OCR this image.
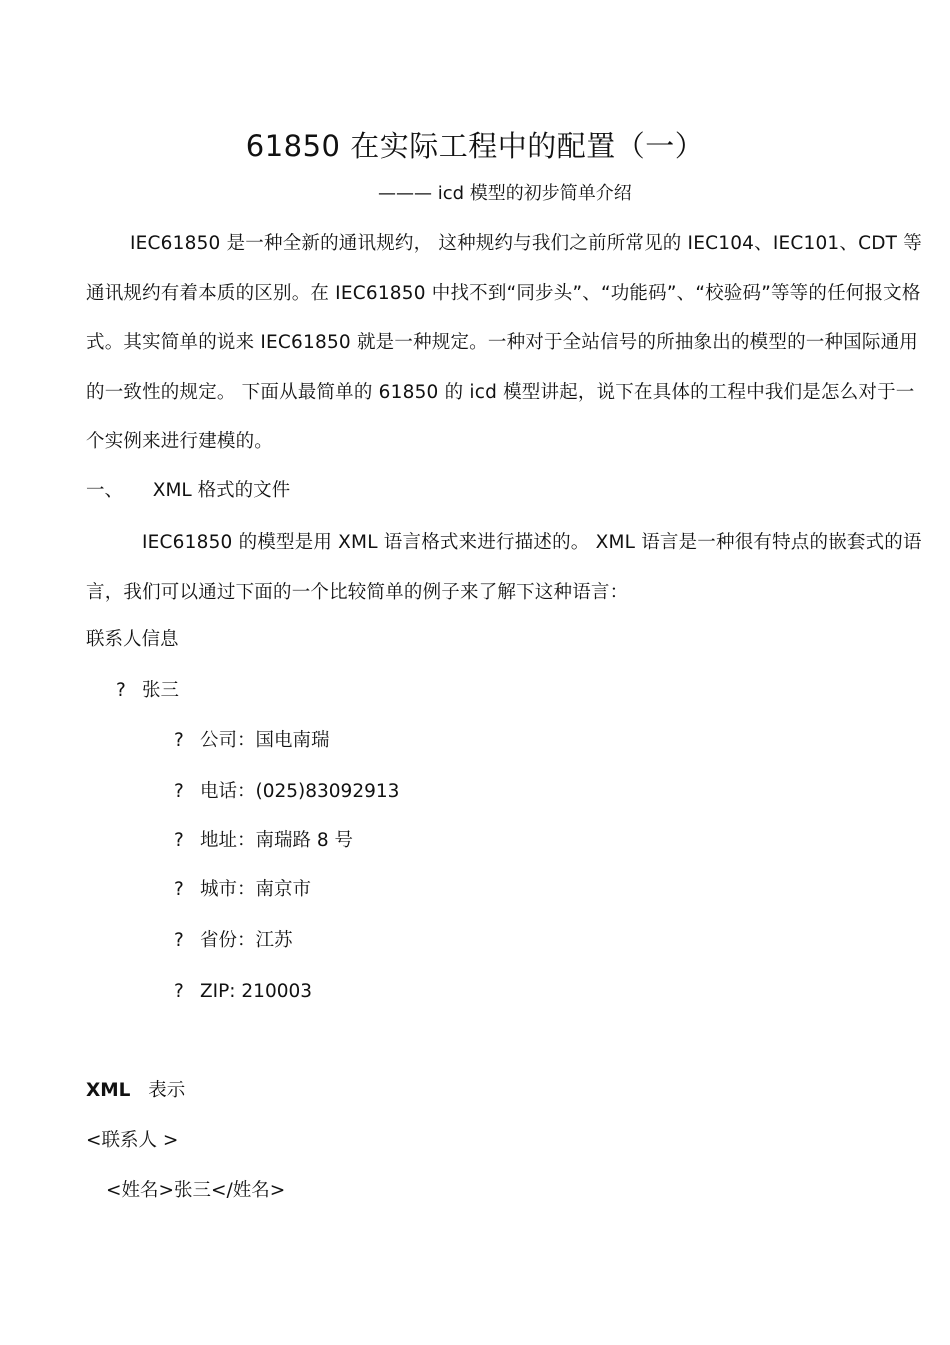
61850 在实际工程中的配置（一）
——— icd 模型的初步简单介绍

IEC61850 是一种全新的通讯规约， 这种规约与我们之前所常见的 IEC104、IEC101、CDT 等通讯规约有着本质的区别。在 IEC61850 中找不到“同步头”、“功能码”、“校验码”等等的任何报文格式。其实简单的说来 IEC61850 就是一种规定。一种对于全站信号的所抽象出的模型的一种国际通用的一致性的规定。 下面从最简单的 61850 的 icd 模型讲起，说下在具体的工程中我们是怎么对于一个实例来进行建模的。

一、 XML 格式的文件

IEC61850 的模型是用 XML 语言格式来进行描述的。 XML 语言是一种很有特点的嵌套式的语言，我们可以通过下面的一个比较简单的例子来了解下这种语言：

联系人信息
? 张三
? 公司：国电南瑞
? 电话：(025)83092913
? 地址：南瑞路 8 号
? 城市：南京市
? 省份：江苏
? ZIP: 210003
XML 表示
<联系人 >
<姓名>张三</姓名>
